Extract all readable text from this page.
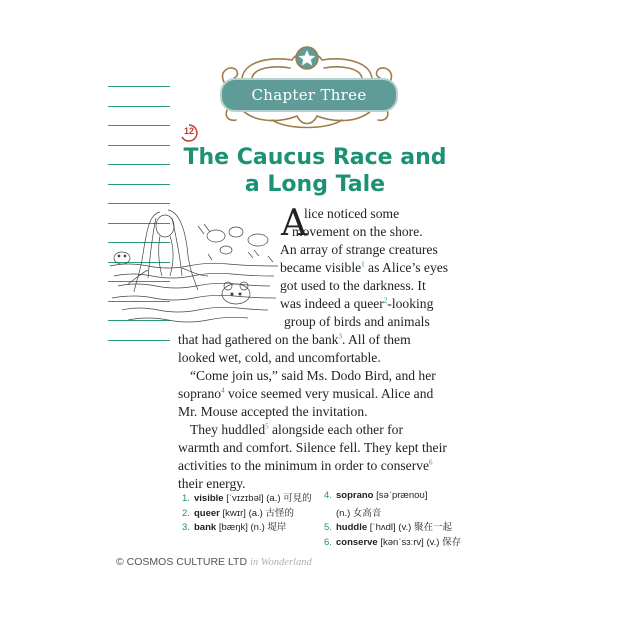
Chapter Three
12
The Caucus Race and
a Long Tale
A
lice noticed some
movement on the shore.
An array of strange creatures
became visible$^1$ as Alice’s eyes
got used to the darkness. It
was indeed a queer$^2$-looking
group of birds and animals
that had gathered on the bank$^3$. All of them
looked wet, cold, and uncomfortable.
“Come join us,” said Ms. Dodo Bird, and her
soprano$^4$ voice seemed very musical. Alice and
Mr. Mouse accepted the invitation.
They huddled$^5$ alongside each other for
warmth and comfort. Silence fell. They kept their
activities to the minimum in order to conserve$^6$
their energy.
1. visible [ˈvɪzɪbəl] (a.) 可見的
2. queer [kwɪr] (a.) 古怪的
3. bank [bæŋk] (n.) 堤岸
4. soprano [səˈprænoʊ]
(n.) 女高音
5. huddle [ˈhʌdl] (v.) 聚在一起
6. conserve [kənˈsɜːrv] (v.) 保存
© COSMOS CULTURE LTD in Wonderland
